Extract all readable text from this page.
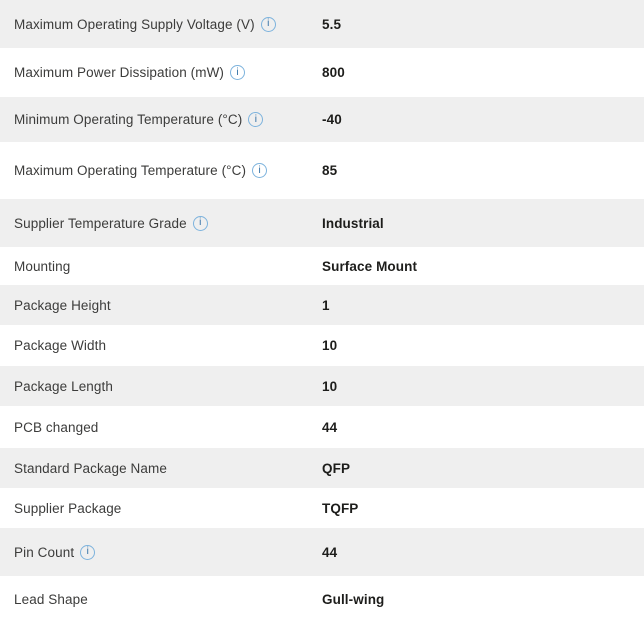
Maximum Operating Supply Voltage (V)	i	5.5
Maximum Power Dissipation (mW)	i	800
Minimum Operating Temperature (°C)	i	-40
Maximum Operating Temperature (°C)	i	85
Supplier Temperature Grade	i	Industrial
Mounting	Surface Mount
Package Height	1
Package Width	10
Package Length	10
PCB changed	44
Standard Package Name	QFP
Supplier Package	TQFP
Pin Count	i	44
Lead Shape	Gull-wing
